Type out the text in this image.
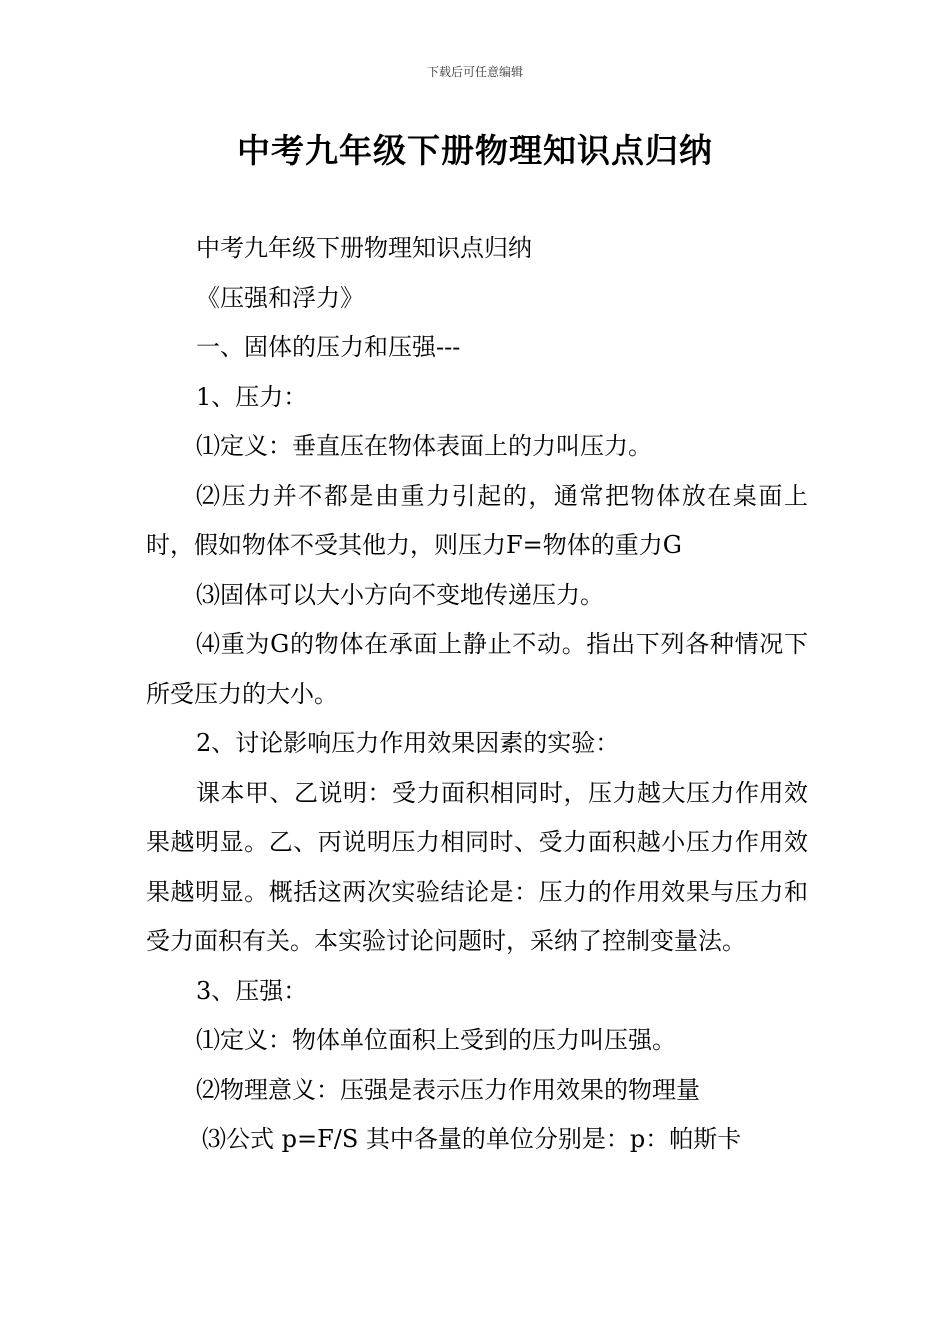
下载后可任意编辑
中考九年级下册物理知识点归纳

中考九年级下册物理知识点归纳

《压强和浮力》

一、固体的压力和压强---

1、压力：

⑴定义：垂直压在物体表面上的力叫压力。

⑵压力并不都是由重力引起的，通常把物体放在桌面上时，假如物体不受其他力，则压力F=物体的重力G

⑶固体可以大小方向不变地传递压力。

⑷重为G的物体在承面上静止不动。指出下列各种情况下所受压力的大小。

2、讨论影响压力作用效果因素的实验：

课本甲、乙说明：受力面积相同时，压力越大压力作用效果越明显。乙、丙说明压力相同时、受力面积越小压力作用效果越明显。概括这两次实验结论是：压力的作用效果与压力和受力面积有关。本实验讨论问题时，采纳了控制变量法。

3、压强：

⑴定义：物体单位面积上受到的压力叫压强。

⑵物理意义：压强是表示压力作用效果的物理量

⑶公式 p=F/S 其中各量的单位分别是：p：帕斯卡
